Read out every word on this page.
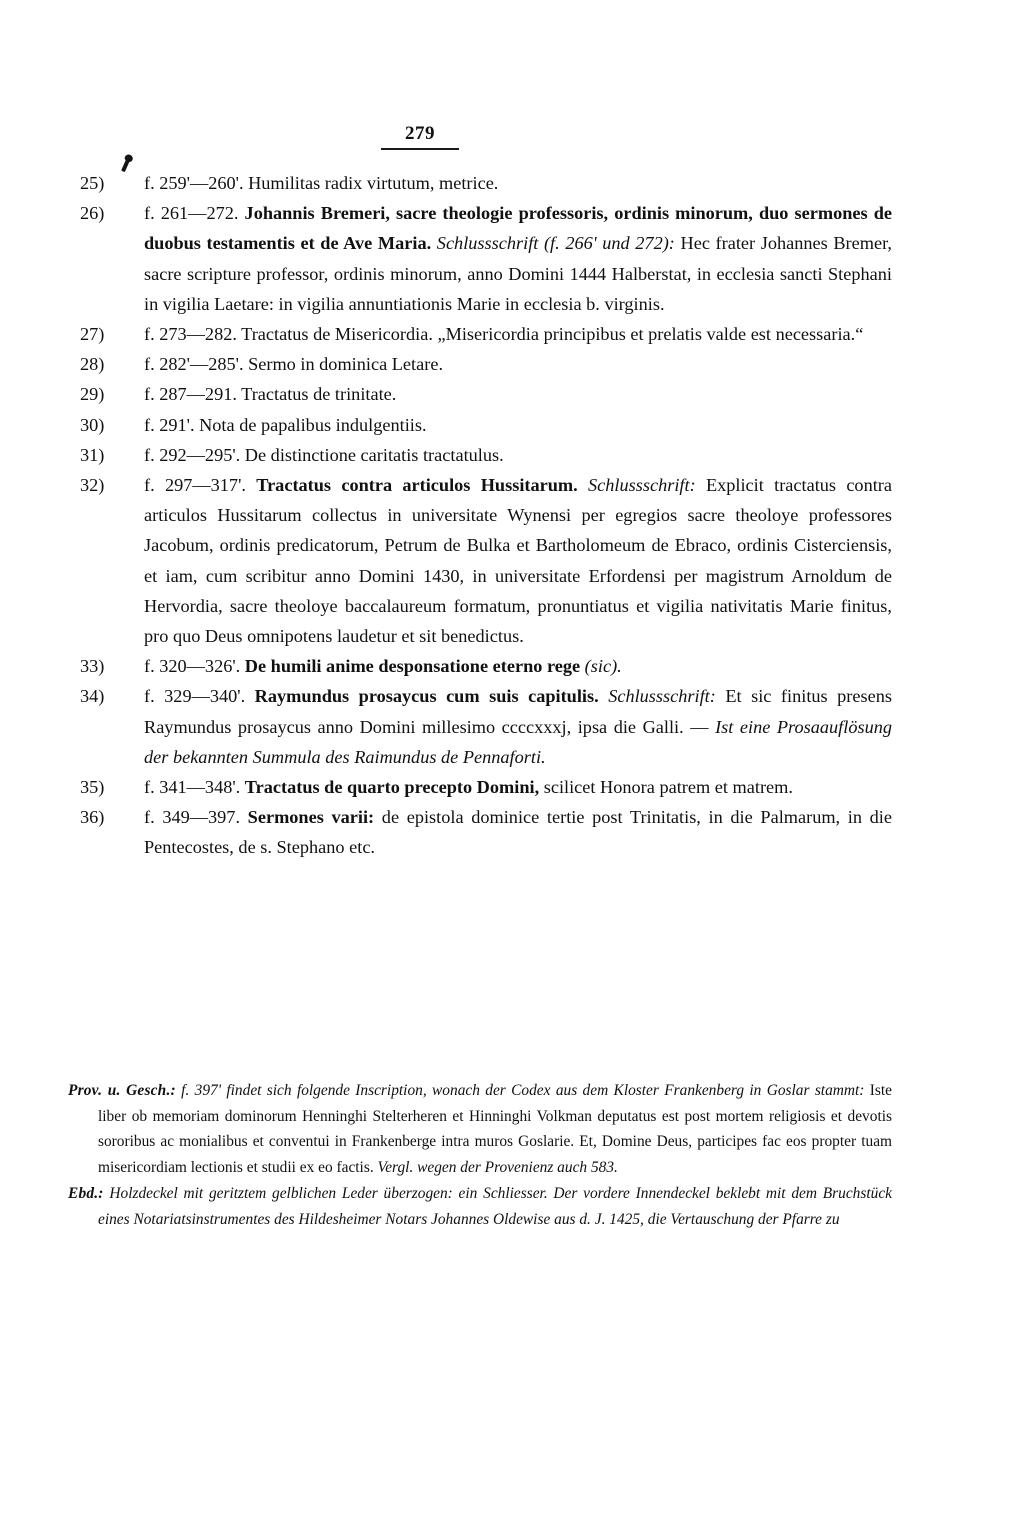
279
25)	f. 259'—260'. Humilitas radix virtutum, metrice.

26)	f. 261—272. Johannis Bremeri, sacre theologie professoris, ordinis minorum, duo sermones de duobus testamentis et de Ave Maria. Schlussschrift (f. 266' und 272): Hec frater Johannes Bremer, sacre scripture professor, ordinis minorum, anno Domini 1444 Halberstat, in ecclesia sancti Stephani in vigilia Laetare: in vigilia annuntiationis Marie in ecclesia b. virginis.

27)	f. 273—282. Tractatus de Misericordia. „Misericordia principibus et prelatis valde est necessaria.“

28)	f. 282'—285'. Sermo in dominica Letare.

29)	f. 287—291. Tractatus de trinitate.

30)	f. 291'. Nota de papalibus indulgentiis.

31)	f. 292—295'. De distinctione caritatis tractatulus.

32)	f. 297—317'. Tractatus contra articulos Hussitarum. Schlussschrift: Explicit tractatus contra articulos Hussitarum collectus in universitate Wynensi per egregios sacre theoloye professores Jacobum, ordinis predicatorum, Petrum de Bulka et Bartholomeum de Ebraco, ordinis Cisterciensis, et iam, cum scribitur anno Domini 1430, in universitate Erfordensi per magistrum Arnoldum de Hervordia, sacre theoloye baccalaureum formatum, pronuntiatus et vigilia nativitatis Marie finitus, pro quo Deus omnipotens laudetur et sit benedictus.

33)	f. 320—326'. De humili anime desponsatione eterno rege (sic).

34)	f. 329—340'. Raymundus prosaycus cum suis capitulis. Schlussschrift: Et sic finitus presens Raymundus prosaycus anno Domini millesimo ccccxxxj, ipsa die Galli. — Ist eine Prosaauflösung der bekannten Summula des Raimundus de Pennaforti.

35)	f. 341—348'. Tractatus de quarto precepto Domini, scilicet Honora patrem et matrem.

36)	f. 349—397. Sermones varii: de epistola dominice tertie post Trinitatis, in die Palmarum, in die Pentecostes, de s. Stephano etc.

Prov. u. Gesch.: f. 397' findet sich folgende Inscription, wonach der Codex aus dem Kloster Frankenberg in Goslar stammt: Iste liber ob memoriam dominorum Henninghi Stelterheren et Hinninghi Volkman deputatus est post mortem religiosis et devotis sororibus ac monialibus et conventui in Frankenberge intra muros Goslarie. Et, Domine Deus, participes fac eos propter tuam misericordiam lectionis et studii ex eo factis. Vergl. wegen der Provenienz auch 583.

Ebd.: Holzdeckel mit geritztem gelblichen Leder überzogen: ein Schliesser. Der vordere Innendeckel beklebt mit dem Bruchstück eines Notariatsinstrumentes des Hildesheimer Notars Johannes Oldewise aus d. J. 1425, die Vertauschung der Pfarre zu
